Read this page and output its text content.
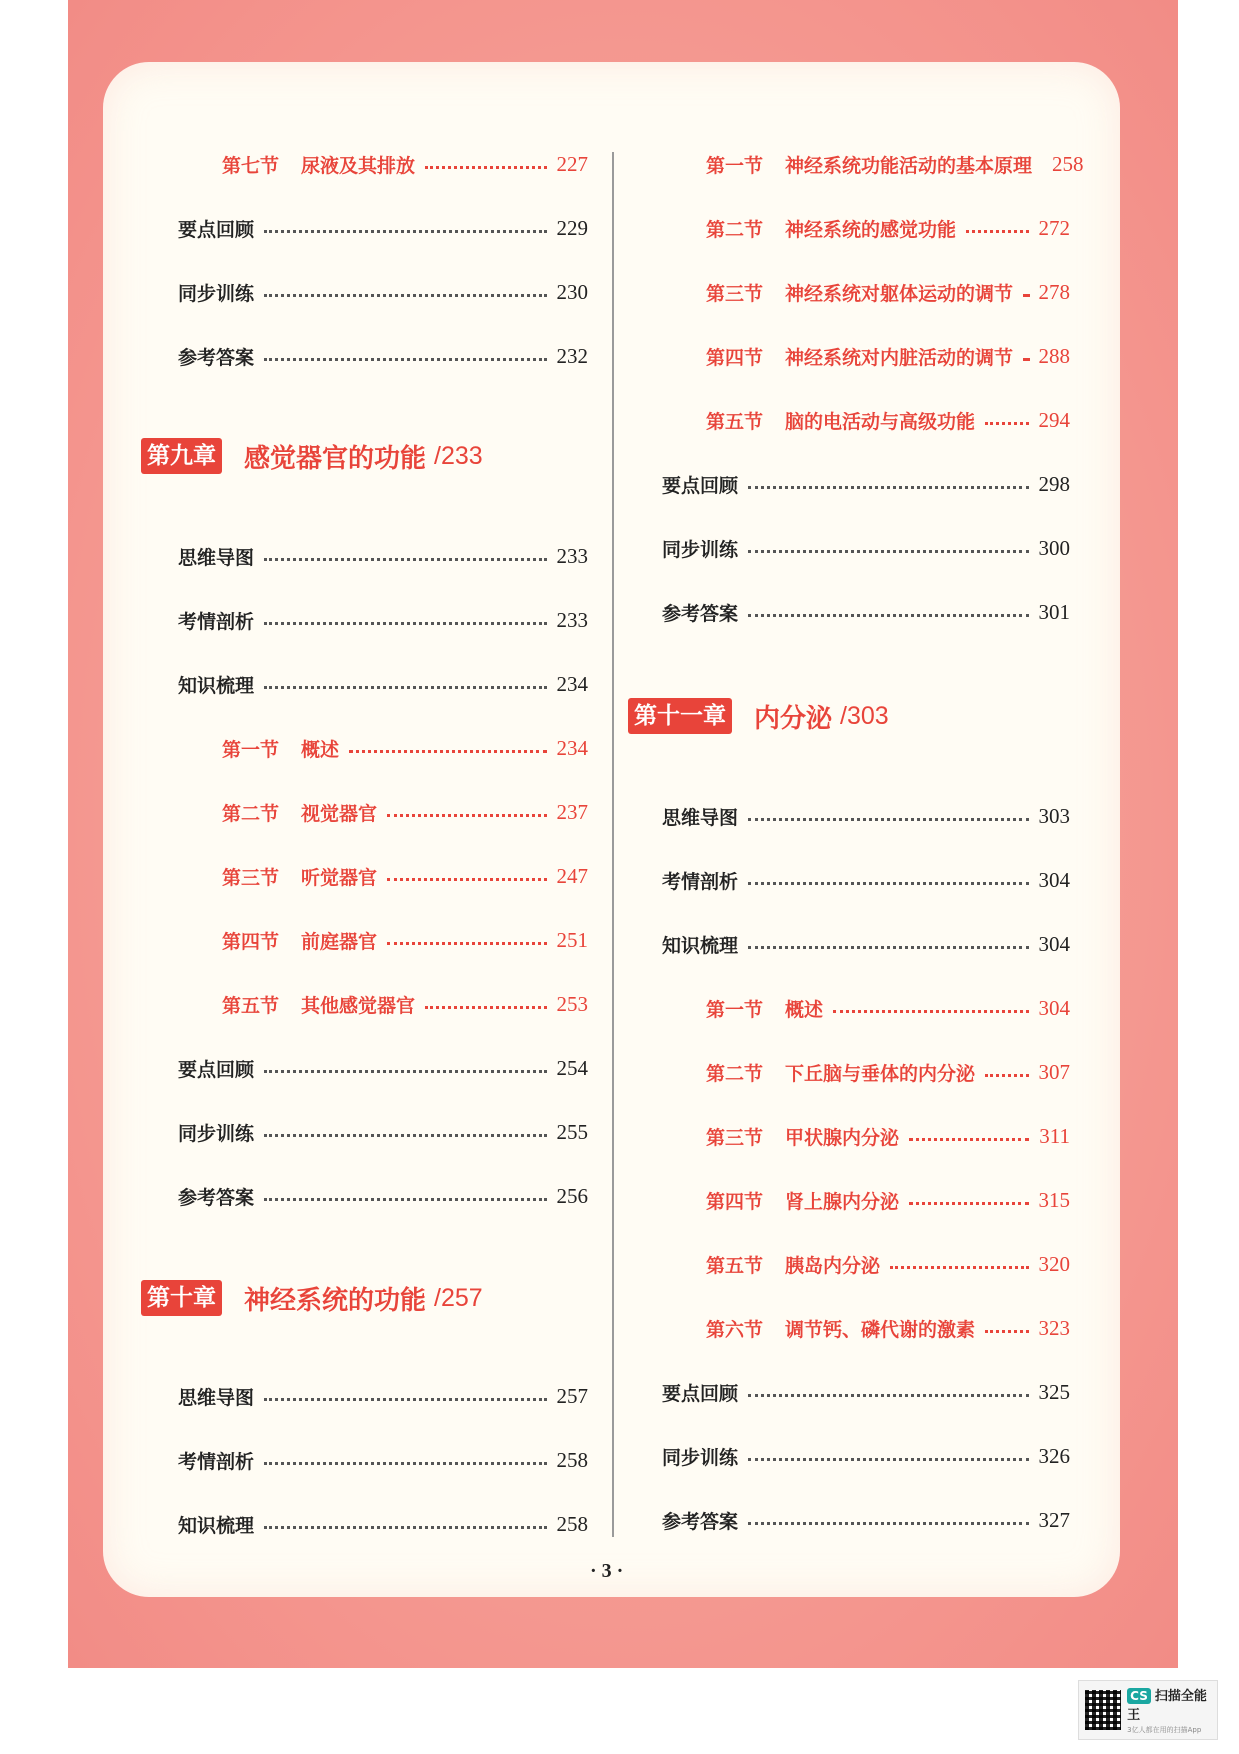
第七节 尿液及其排放	227
要点回顾	229
同步训练	230
参考答案	232
第九章 感觉器官的功能 /233
思维导图	233
考情剖析	233
知识梳理	234
第一节 概述	234
第二节 视觉器官	237
第三节 听觉器官	247
第四节 前庭器官	251
第五节 其他感觉器官	253
要点回顾	254
同步训练	255
参考答案	256
第十章 神经系统的功能 /257
思维导图	257
考情剖析	258
知识梳理	258
第一节 神经系统功能活动的基本原理 258
第二节 神经系统的感觉功能	272
第三节 神经系统对躯体运动的调节 278
第四节 神经系统对内脏活动的调节 288
第五节 脑的电活动与高级功能	294
要点回顾	298
同步训练	300
参考答案	301
第十一章 内分泌 /303
思维导图	303
考情剖析	304
知识梳理	304
第一节 概述	304
第二节 下丘脑与垂体的内分泌	307
第三节 甲状腺内分泌	311
第四节 肾上腺内分泌	315
第五节 胰岛内分泌	320
第六节 调节钙、磷代谢的激素	323
要点回顾	325
同步训练	326
参考答案	327
· 3 ·
CS 扫描全能王
3亿人都在用的扫描App
